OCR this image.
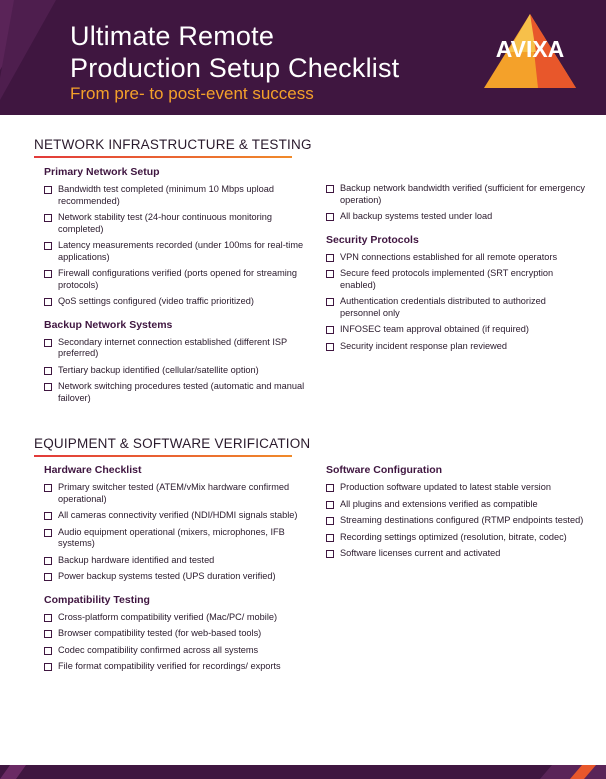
Ultimate Remote
Production Setup Checklist

From pre- to post-event success

AVIXA
NETWORK INFRASTRUCTURE & TESTING
Primary Network Setup
Bandwidth test completed (minimum 10 Mbps upload recommended)
Network stability test (24-hour continuous monitoring completed)
Latency measurements recorded (under 100ms for real-time applications)
Firewall configurations verified (ports opened for streaming protocols)
QoS settings configured (video traffic prioritized)
Backup Network Systems
Secondary internet connection established (different ISP preferred)
Tertiary backup identified (cellular/satellite option)
Network switching procedures tested (automatic and manual failover)
Backup network bandwidth verified (sufficient for emergency operation)
All backup systems tested under load
Security Protocols
VPN connections established for all remote operators
Secure feed protocols implemented (SRT encryption enabled)
Authentication credentials distributed to authorized personnel only
INFOSEC team approval obtained (if required)
Security incident response plan reviewed
EQUIPMENT & SOFTWARE VERIFICATION
Hardware Checklist
Primary switcher tested (ATEM/vMix hardware confirmed operational)
All cameras connectivity verified (NDI/HDMI signals stable)
Audio equipment operational (mixers, microphones, IFB systems)
Backup hardware identified and tested
Power backup systems tested (UPS duration verified)
Compatibility Testing
Cross-platform compatibility verified (Mac/PC/ mobile)
Browser compatibility tested (for web-based tools)
Codec compatibility confirmed across all systems
File format compatibility verified for recordings/ exports
Software Configuration
Production software updated to latest stable version
All plugins and extensions verified as compatible
Streaming destinations configured (RTMP endpoints tested)
Recording settings optimized (resolution, bitrate, codec)
Software licenses current and activated
